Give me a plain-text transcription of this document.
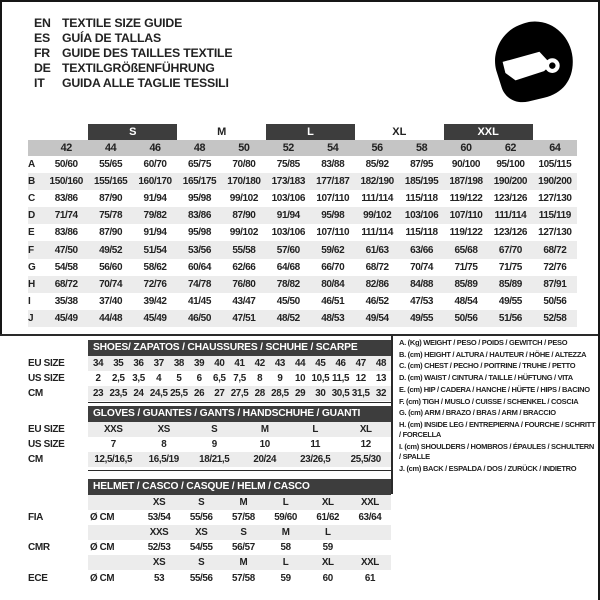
EN TEXTILE SIZE GUIDE
ES GUÍA DE TALLAS
FR GUIDE DES TAILLES TEXTILE
DE TEXTILGRÖßENFÜHRUNG
IT	GUIDA ALLE TAGLIE TESSILI
S	M	L	XL	XXL
42	44	46	48	50	52	54	56	58	60	62	64
A	50/60	55/65	60/70	65/75	70/80	75/85	83/88	85/92	87/95	90/100	95/100	105/115
B	150/160	155/165	160/170	165/175	170/180	173/183	177/187	182/190	185/195	187/198	190/200	190/200
C	83/86	87/90	91/94	95/98	99/102	103/106	107/110	111/114	115/118	119/122	123/126	127/130
D	71/74	75/78	79/82	83/86	87/90	91/94	95/98	99/102	103/106	107/110	111/114	115/119
E	83/86	87/90	91/94	95/98	99/102	103/106	107/110	111/114	115/118	119/122	123/126	127/130
F	47/50	49/52	51/54	53/56	55/58	57/60	59/62	61/63	63/66	65/68	67/70	68/72
G	54/58	56/60	58/62	60/64	62/66	64/68	66/70	68/72	70/74	71/75	71/75	72/76
H	68/72	70/74	72/76	74/78	76/80	78/82	80/84	82/86	84/88	85/89	85/89	87/91
I	35/38	37/40	39/42	41/45	43/47	45/50	46/51	46/52	47/53	48/54	49/55	50/56
J	45/49	44/48	45/49	46/50	47/51	48/52	48/53	49/54	49/55	50/56	51/56	52/58
SHOES/ ZAPATOS / CHAUSSURES / SCHUHE / SCARPE
EU SIZE	34	35	36	37	38	39	40	41	42	43	44	45	46	47	48
US SIZE	2	2,5 3,5	4	5	6	6,5 7,5	8	9	10 10,5 11,5 12	13
CM	23 23,5 24 24,5 25,5 26	27 27,5 28 28,5 29	30 30,5 31,5 32
GLOVES / GUANTES / GANTS / HANDSCHUHE / GUANTI
EU SIZE	XXS	XS	S	M	L	XL
US SIZE	7	8	9	10	11	12
CM	12,5/16,5	16,5/19	18/21,5	20/24	23/26,5	25,5/30
HELMET / CASCO / CASQUE / HELM / CASCO
XS	S	M	L	XL	XXL
FIA	Ø CM	53/54	55/56	57/58	59/60	61/62	63/64
XXS	XS	S	M	L
CMR	Ø CM	52/53	54/55	56/57	58	59
XS	S	M	L	XL	XXL
ECE	Ø CM	53	55/56	57/58	59	60	61
A. (Kg) WEIGHT / PESO / POIDS / GEWITCH / PESO
B. (cm) HEIGHT / ALTURA / HAUTEUR / HÖHE / ALTEZZA
C. (cm) CHEST / PECHO / POITRINE / TRUHE / PETTO
D. (cm) WAIST / CINTURA / TAILLE / HÜFTUNG / VITA
E. (cm) HIP / CADERA / HANCHE / HÜFTE / HIPS / BACINO
F. (cm) TIGH / MUSLO / CUISSE / SCHENKEL / COSCIA
G. (cm) ARM / BRAZO / BRAS / ARM / BRACCIO
H. (cm) INSIDE LEG / ENTREPIERNA / FOURCHE / SCHRITT / FORCELLA
I. (cm) SHOULDERS / HOMBROS / ÉPAULES / SCHULTERN / SPALLE
J. (cm) BACK / ESPALDA / DOS / ZURÜCK / INDIETRO
